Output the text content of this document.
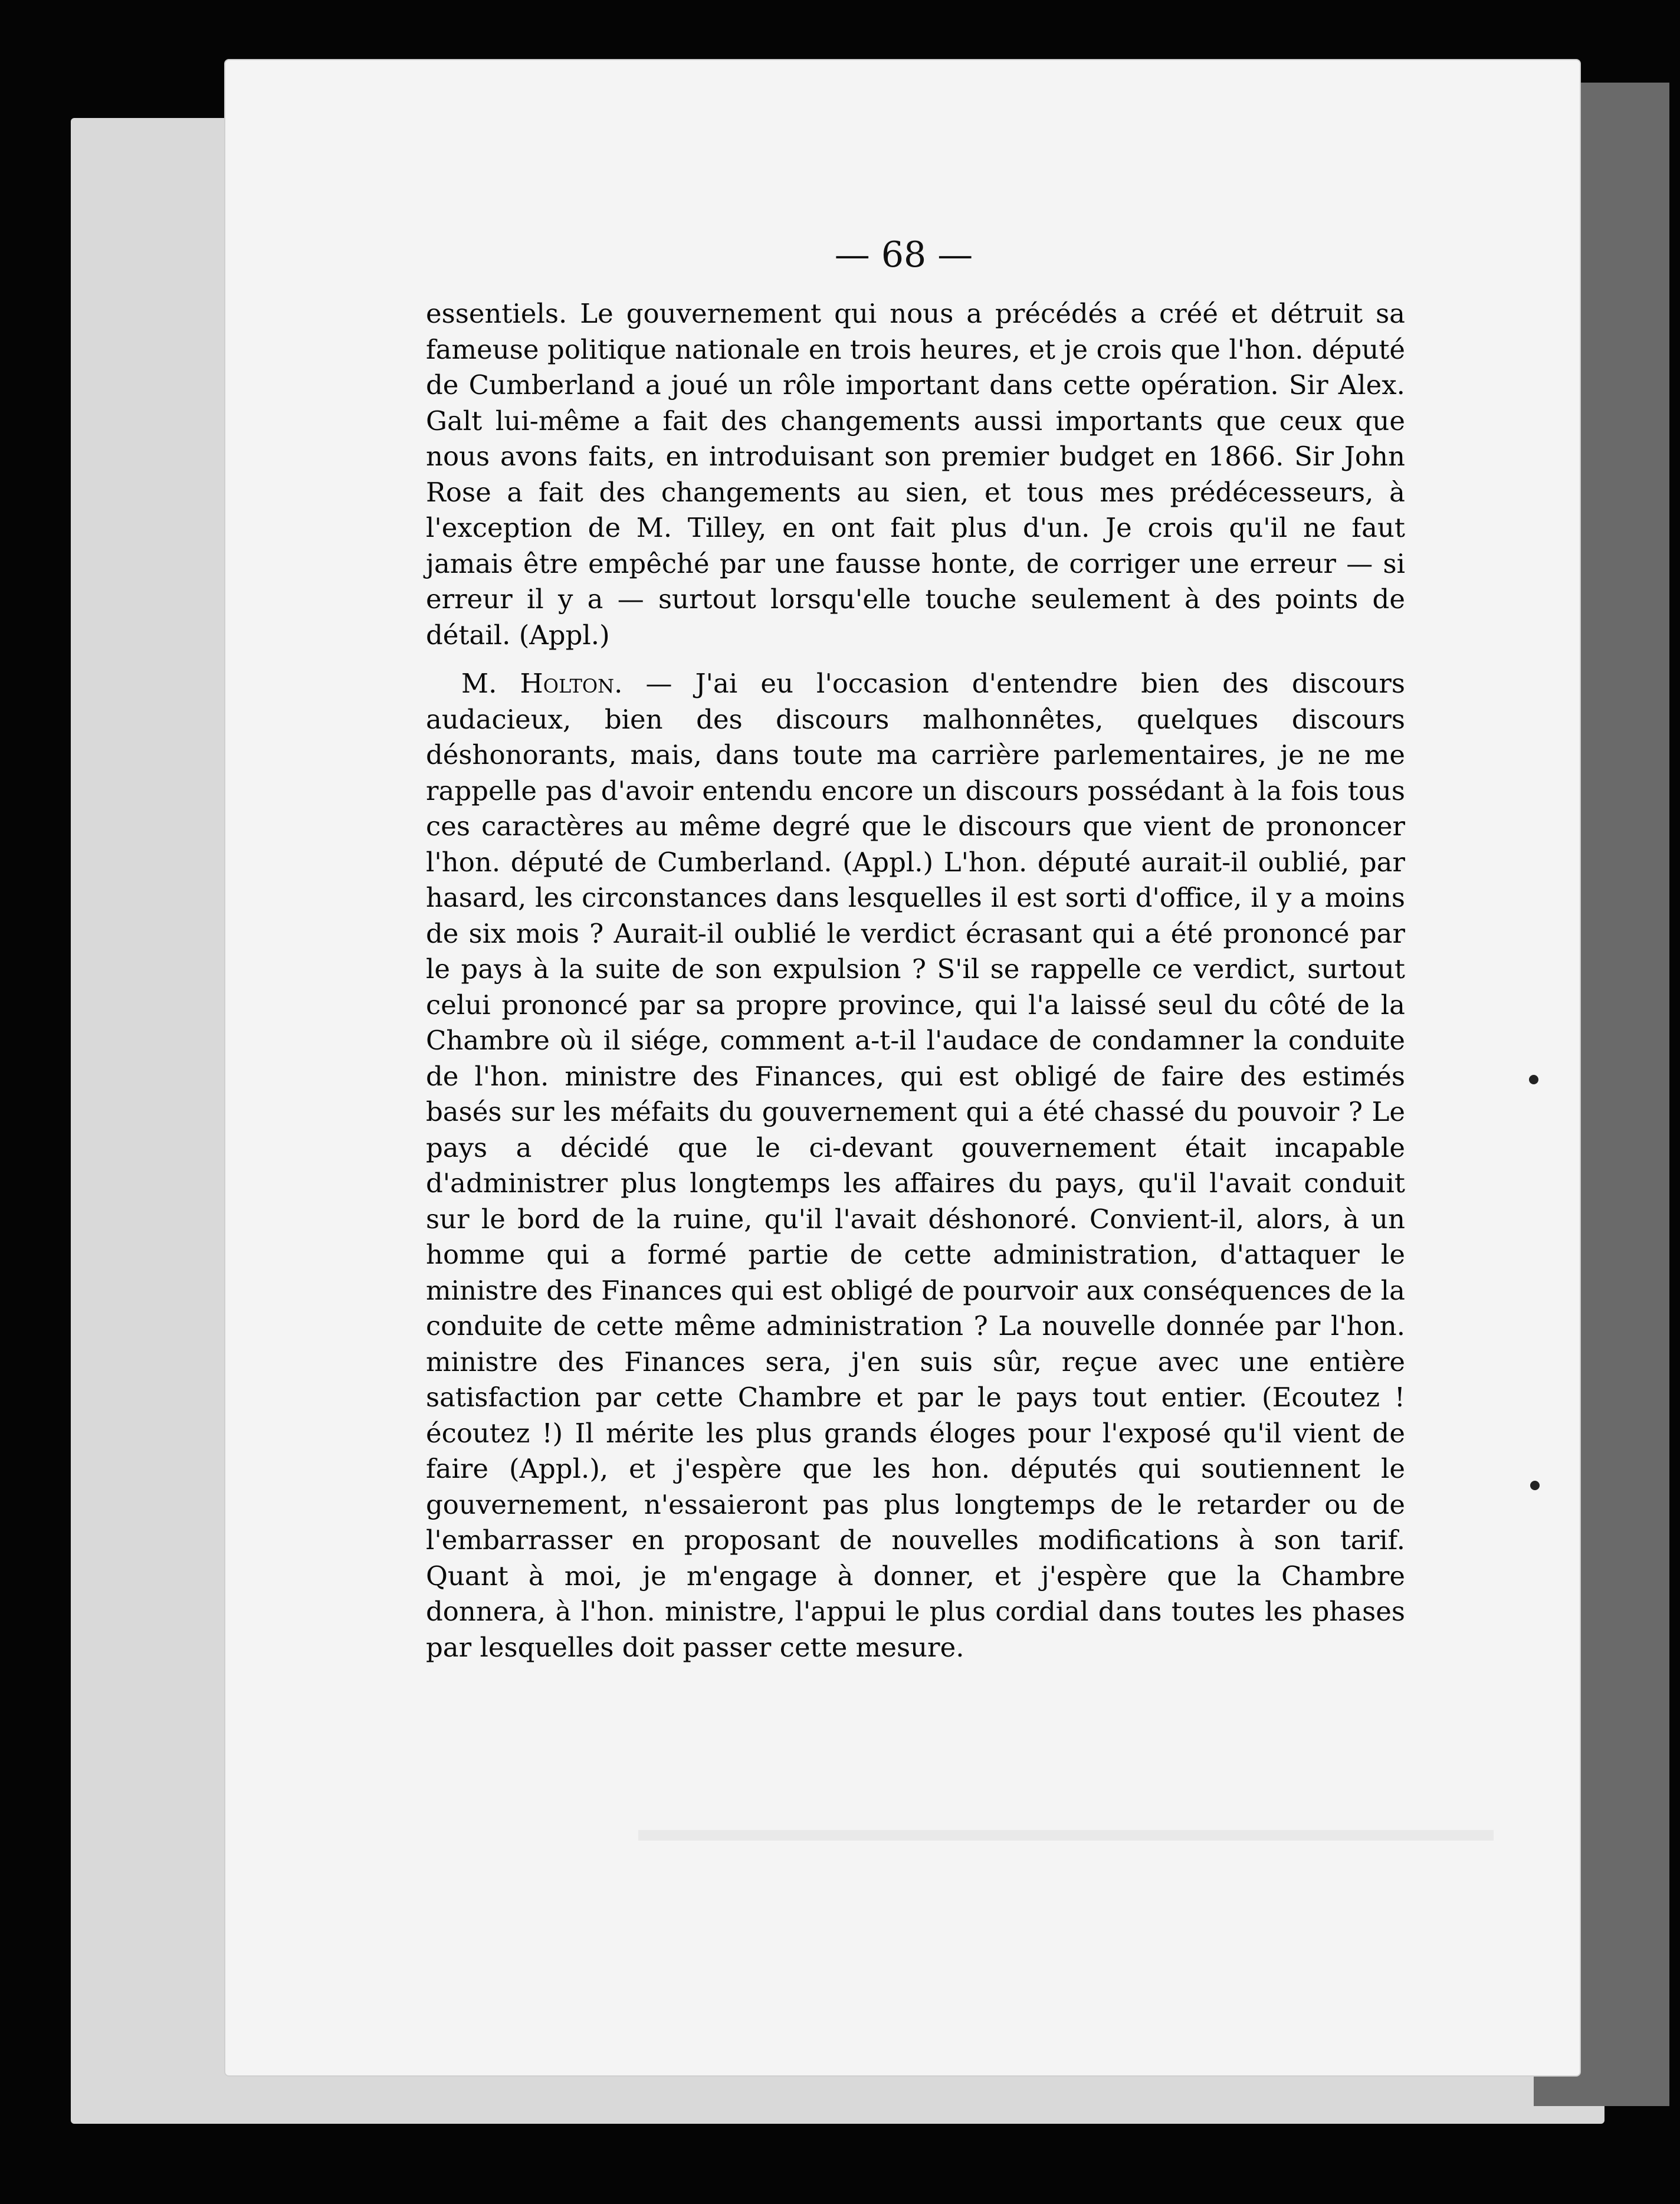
— 68 —

essentiels. Le gouvernement qui nous a précédés a créé et détruit sa fameuse politique nationale en trois heures, et je crois que l'hon. député de Cumberland a joué un rôle important dans cette opération. Sir Alex. Galt lui-même a fait des changements aussi importants que ceux que nous avons faits, en introduisant son premier budget en 1866. Sir John Rose a fait des changements au sien, et tous mes prédécesseurs, à l'exception de M. Tilley, en ont fait plus d'un. Je crois qu'il ne faut jamais être empêché par une fausse honte, de corriger une erreur — si erreur il y a — surtout lorsqu'elle touche seulement à des points de détail. (Appl.)

M. Holton. — J'ai eu l'occasion d'entendre bien des discours audacieux, bien des discours malhonnêtes, quelques discours déshonorants, mais, dans toute ma carrière parlementaires, je ne me rappelle pas d'avoir entendu encore un discours possédant à la fois tous ces caractères au même degré que le discours que vient de prononcer l'hon. député de Cumberland. (Appl.) L'hon. député aurait-il oublié, par hasard, les circonstances dans lesquelles il est sorti d'office, il y a moins de six mois ? Aurait-il oublié le verdict écrasant qui a été prononcé par le pays à la suite de son expulsion ? S'il se rappelle ce verdict, surtout celui prononcé par sa propre province, qui l'a laissé seul du côté de la Chambre où il siége, comment a-t-il l'audace de condamner la conduite de l'hon. ministre des Finances, qui est obligé de faire des estimés basés sur les méfaits du gouvernement qui a été chassé du pouvoir ? Le pays a décidé que le ci-devant gouvernement était incapable d'administrer plus longtemps les affaires du pays, qu'il l'avait conduit sur le bord de la ruine, qu'il l'avait déshonoré. Convient-il, alors, à un homme qui a formé partie de cette administration, d'attaquer le ministre des Finances qui est obligé de pourvoir aux conséquences de la conduite de cette même administration ? La nouvelle donnée par l'hon. ministre des Finances sera, j'en suis sûr, reçue avec une entière satisfaction par cette Chambre et par le pays tout entier. (Ecoutez ! écoutez !) Il mérite les plus grands éloges pour l'exposé qu'il vient de faire (Appl.), et j'espère que les hon. députés qui soutiennent le gouvernement, n'essaieront pas plus longtemps de le retarder ou de l'embarrasser en proposant de nouvelles modifications à son tarif. Quant à moi, je m'engage à donner, et j'espère que la Chambre donnera, à l'hon. ministre, l'appui le plus cordial dans toutes les phases par lesquelles doit passer cette mesure.
